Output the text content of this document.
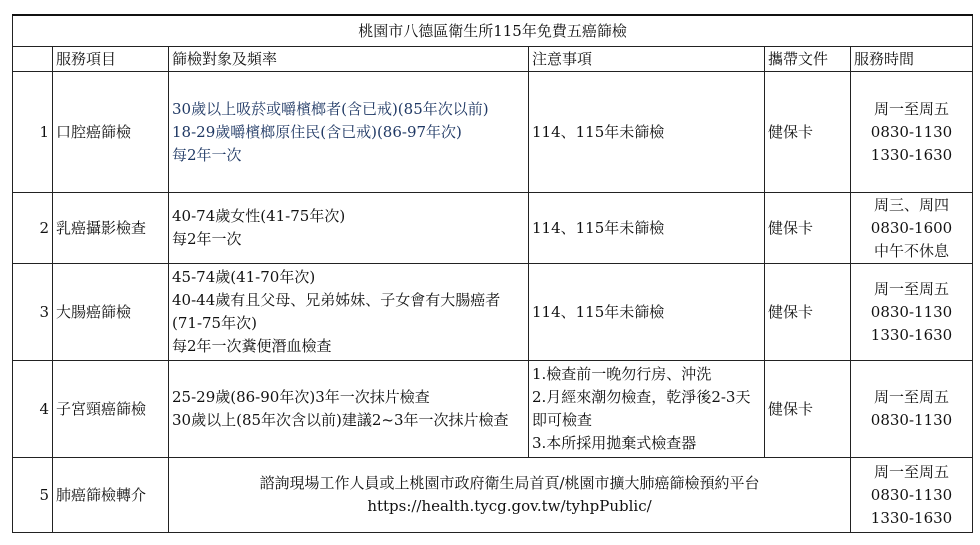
桃園市八德區衛生所115年免費五癌篩檢					
	服務項目	篩檢對象及頻率	注意事項	攜帶文件	服務時間
1	口腔癌篩檢	30歲以上吸菸或嚼檳榔者(含已戒)(85年次以前)
18-29歲嚼檳榔原住民(含已戒)(86-97年次)
每2年一次	114、115年未篩檢	健保卡	周一至周五
0830-1130
1330-1630

2	乳癌攝影檢查	40-74歲女性(41-75年次)
每2年一次	114、115年未篩檢	健保卡	周三、周四
0830-1600
中午不休息

3	大腸癌篩檢	45-74歲(41-70年次)
40-44歲有且父母、兄弟姊妹、子女會有大腸癌者(71-75年次)
每2年一次糞便潛血檢查	114、115年未篩檢	健保卡	周一至周五
0830-1130
1330-1630

4	子宮頸癌篩檢	25-29歲(86-90年次)3年一次抹片檢查
30歲以上(85年次含以前)建議2~3年一次抹片檢查	1.檢查前一晚勿行房、沖洗
2.月經來潮勿檢查，乾淨後2-3天即可檢查
3.本所採用拋棄式檢查器	健保卡	周一至周五
0830-1130

5	肺癌篩檢轉介	諮詢現場工作人員或上桃園市政府衛生局首頁/桃園市擴大肺癌篩檢預約平台
https://health.tycg.gov.tw/tyhpPublic/			周一至周五
0830-1130
1330-1630
